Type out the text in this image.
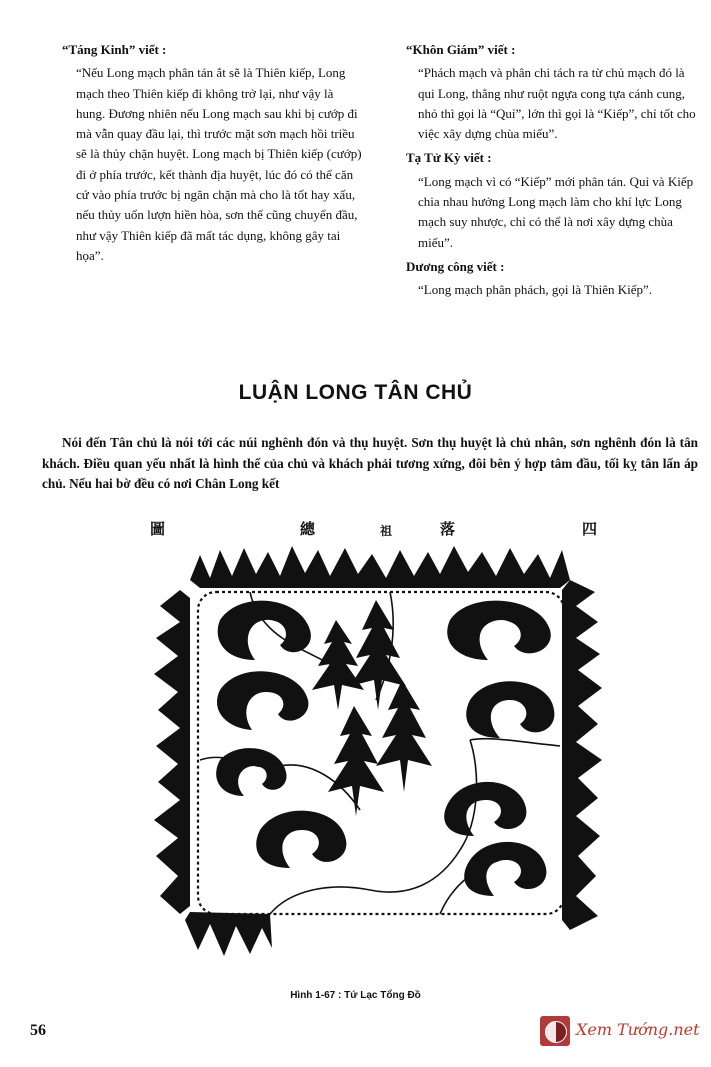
“Táng Kinh” viết :

“Nếu Long mạch phân tán ắt sẽ là Thiên kiếp, Long mạch theo Thiên kiếp đi không trở lại, như vậy là hung. Đương nhiên nếu Long mạch sau khi bị cướp đi mà vẫn quay đầu lại, thì trước mặt sơn mạch hồi triều sẽ là thủy chặn huyệt. Long mạch bị Thiên kiếp (cướp) đi ở phía trước, kết thành địa huyệt, lúc đó có thể căn cứ vào phía trước bị ngăn chặn mà cho là tốt hay xấu, nếu thủy uốn lượn hiền hòa, sơn thế cũng chuyển đầu, như vậy Thiên kiếp đã mất tác dụng, không gây tai họa”.

“Khôn Giám” viết :

“Phách mạch và phân chi tách ra từ chủ mạch đó là qui Long, thẳng như ruột ngựa cong tựa cánh cung, nhỏ thì gọi là “Quỉ”, lớn thì gọi là “Kiếp”, chỉ tốt cho việc xây dựng chùa miếu”.

Tạ Tử Kỳ viết :

“Long mạch vì có “Kiếp” mới phân tán. Quỉ và Kiếp chia nhau hưởng Long mạch làm cho khí lực Long mạch suy nhược, chỉ có thể là nơi xây dựng chùa miếu”.

Dương công viết :

“Long mạch phân phách, gọi là Thiên Kiếp”.

LUẬN LONG TÂN CHỦ
Nói đến Tân chủ là nói tới các núi nghênh đón và thụ huyệt. Sơn thụ huyệt là chủ nhân, sơn nghênh đón là tân khách. Điều quan yếu nhất là hình thế của chủ và khách phải tương xứng, đôi bên ý hợp tâm đầu, tối kỵ tân lấn áp chủ. Nếu hai bờ đều có nơi Chân Long kết
圖	總	祖	落	四
Hình 1-67 : Tứ Lạc Tổng Đồ
56	Xem Tướng.net
